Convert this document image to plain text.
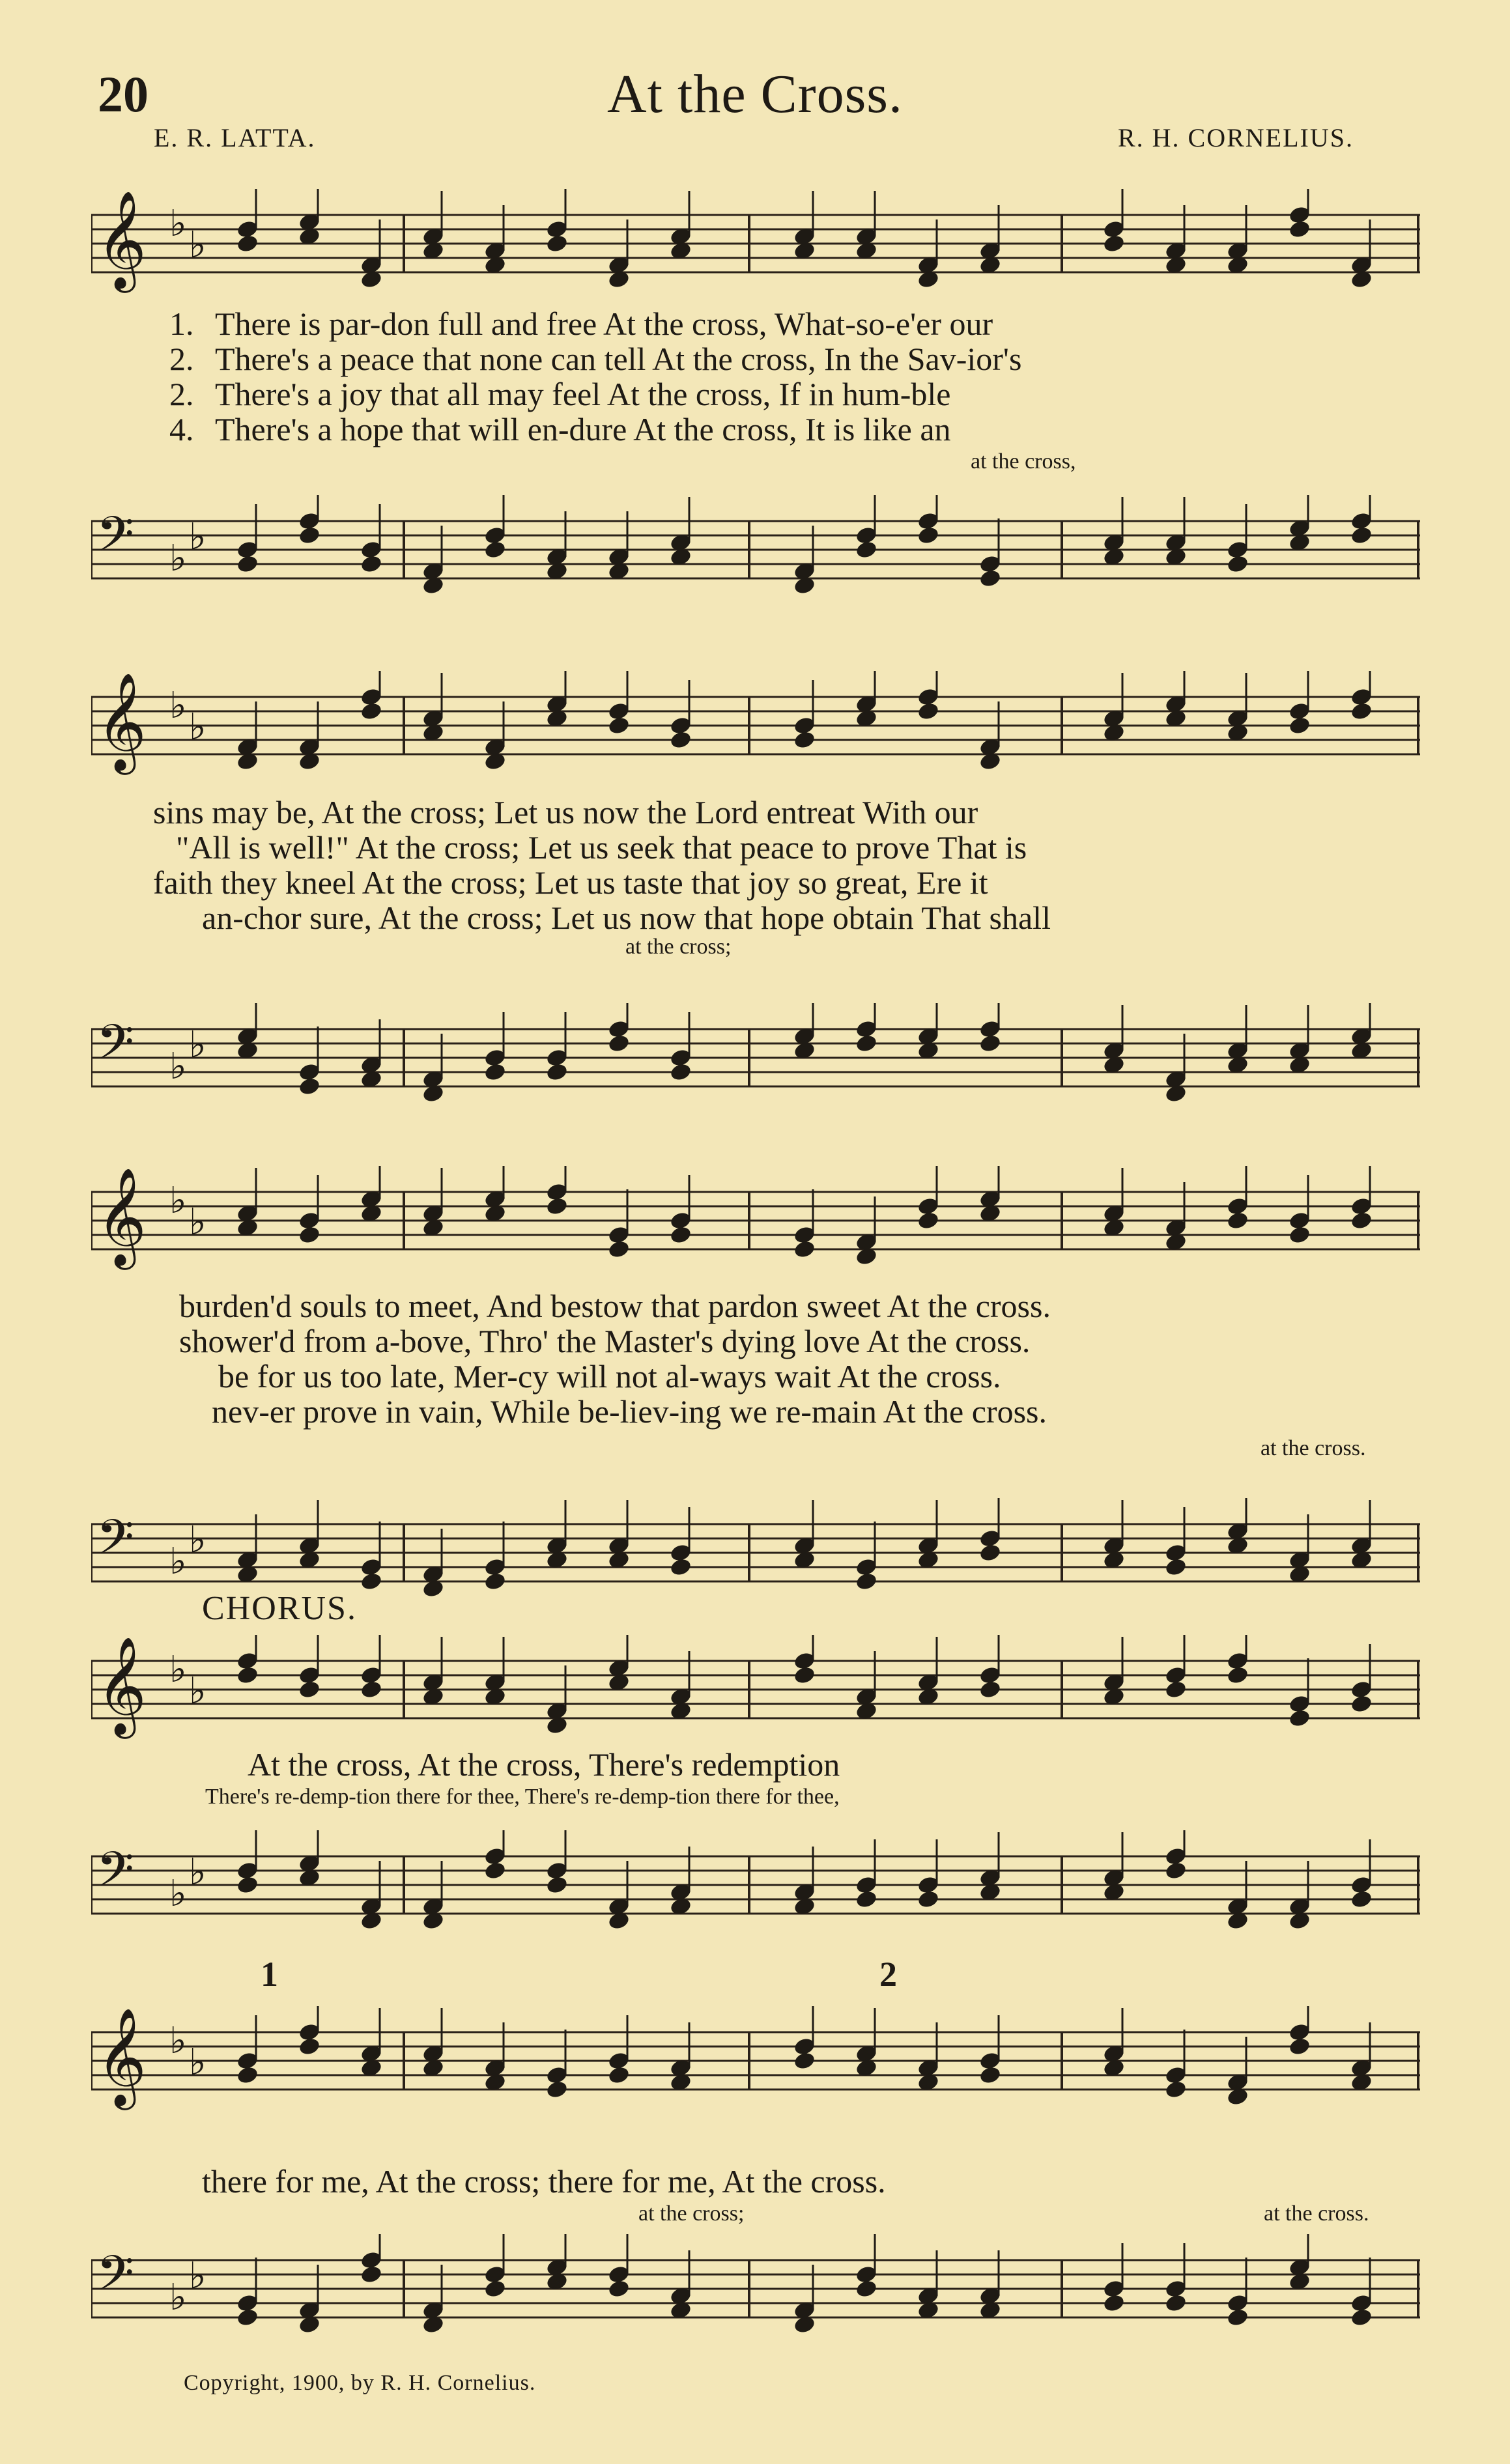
20	At the Cross.
E. R. LATTA.	R. H. CORNELIUS.
𝄞 ♭
♭
𝄢 ♭
♭
at the cross,
1. There is par-don full and free At the cross, What-so-e'er our
2. There's a peace that none can tell At the cross, In the Sav-ior's
2. There's a joy that all may feel At the cross, If in hum-ble
4. There's a hope that will en-dure At the cross, It is like an
𝄞 ♭
♭
𝄢 ♭
♭
at the cross;
sins may be, At the cross; Let us now the Lord entreat With our
"All is well!" At the cross; Let us seek that peace to prove That is
faith they kneel At the cross; Let us taste that joy so great, Ere it
an-chor sure, At the cross; Let us now that hope obtain That shall
𝄞 ♭
♭
𝄢 ♭
♭
at the cross.
burden'd souls to meet, And bestow that pardon sweet At the cross.
shower'd from a-bove, Thro' the Master's dying love At the cross.
be for us too late, Mer-cy will not al-ways wait At the cross.
nev-er prove in vain, While be-liev-ing we re-main At the cross.
CHORUS.
𝄞 ♭
♭
𝄢 ♭
♭
At the cross, At the cross, There's redemption
There's re-demp-tion there for thee, There's re-demp-tion there for thee,
1	2
𝄞 ♭
♭
𝄢 ♭
♭
there for me, At the cross; there for me, At the cross.
at the cross;	at the cross.
Copyright, 1900, by R. H. Cornelius.
